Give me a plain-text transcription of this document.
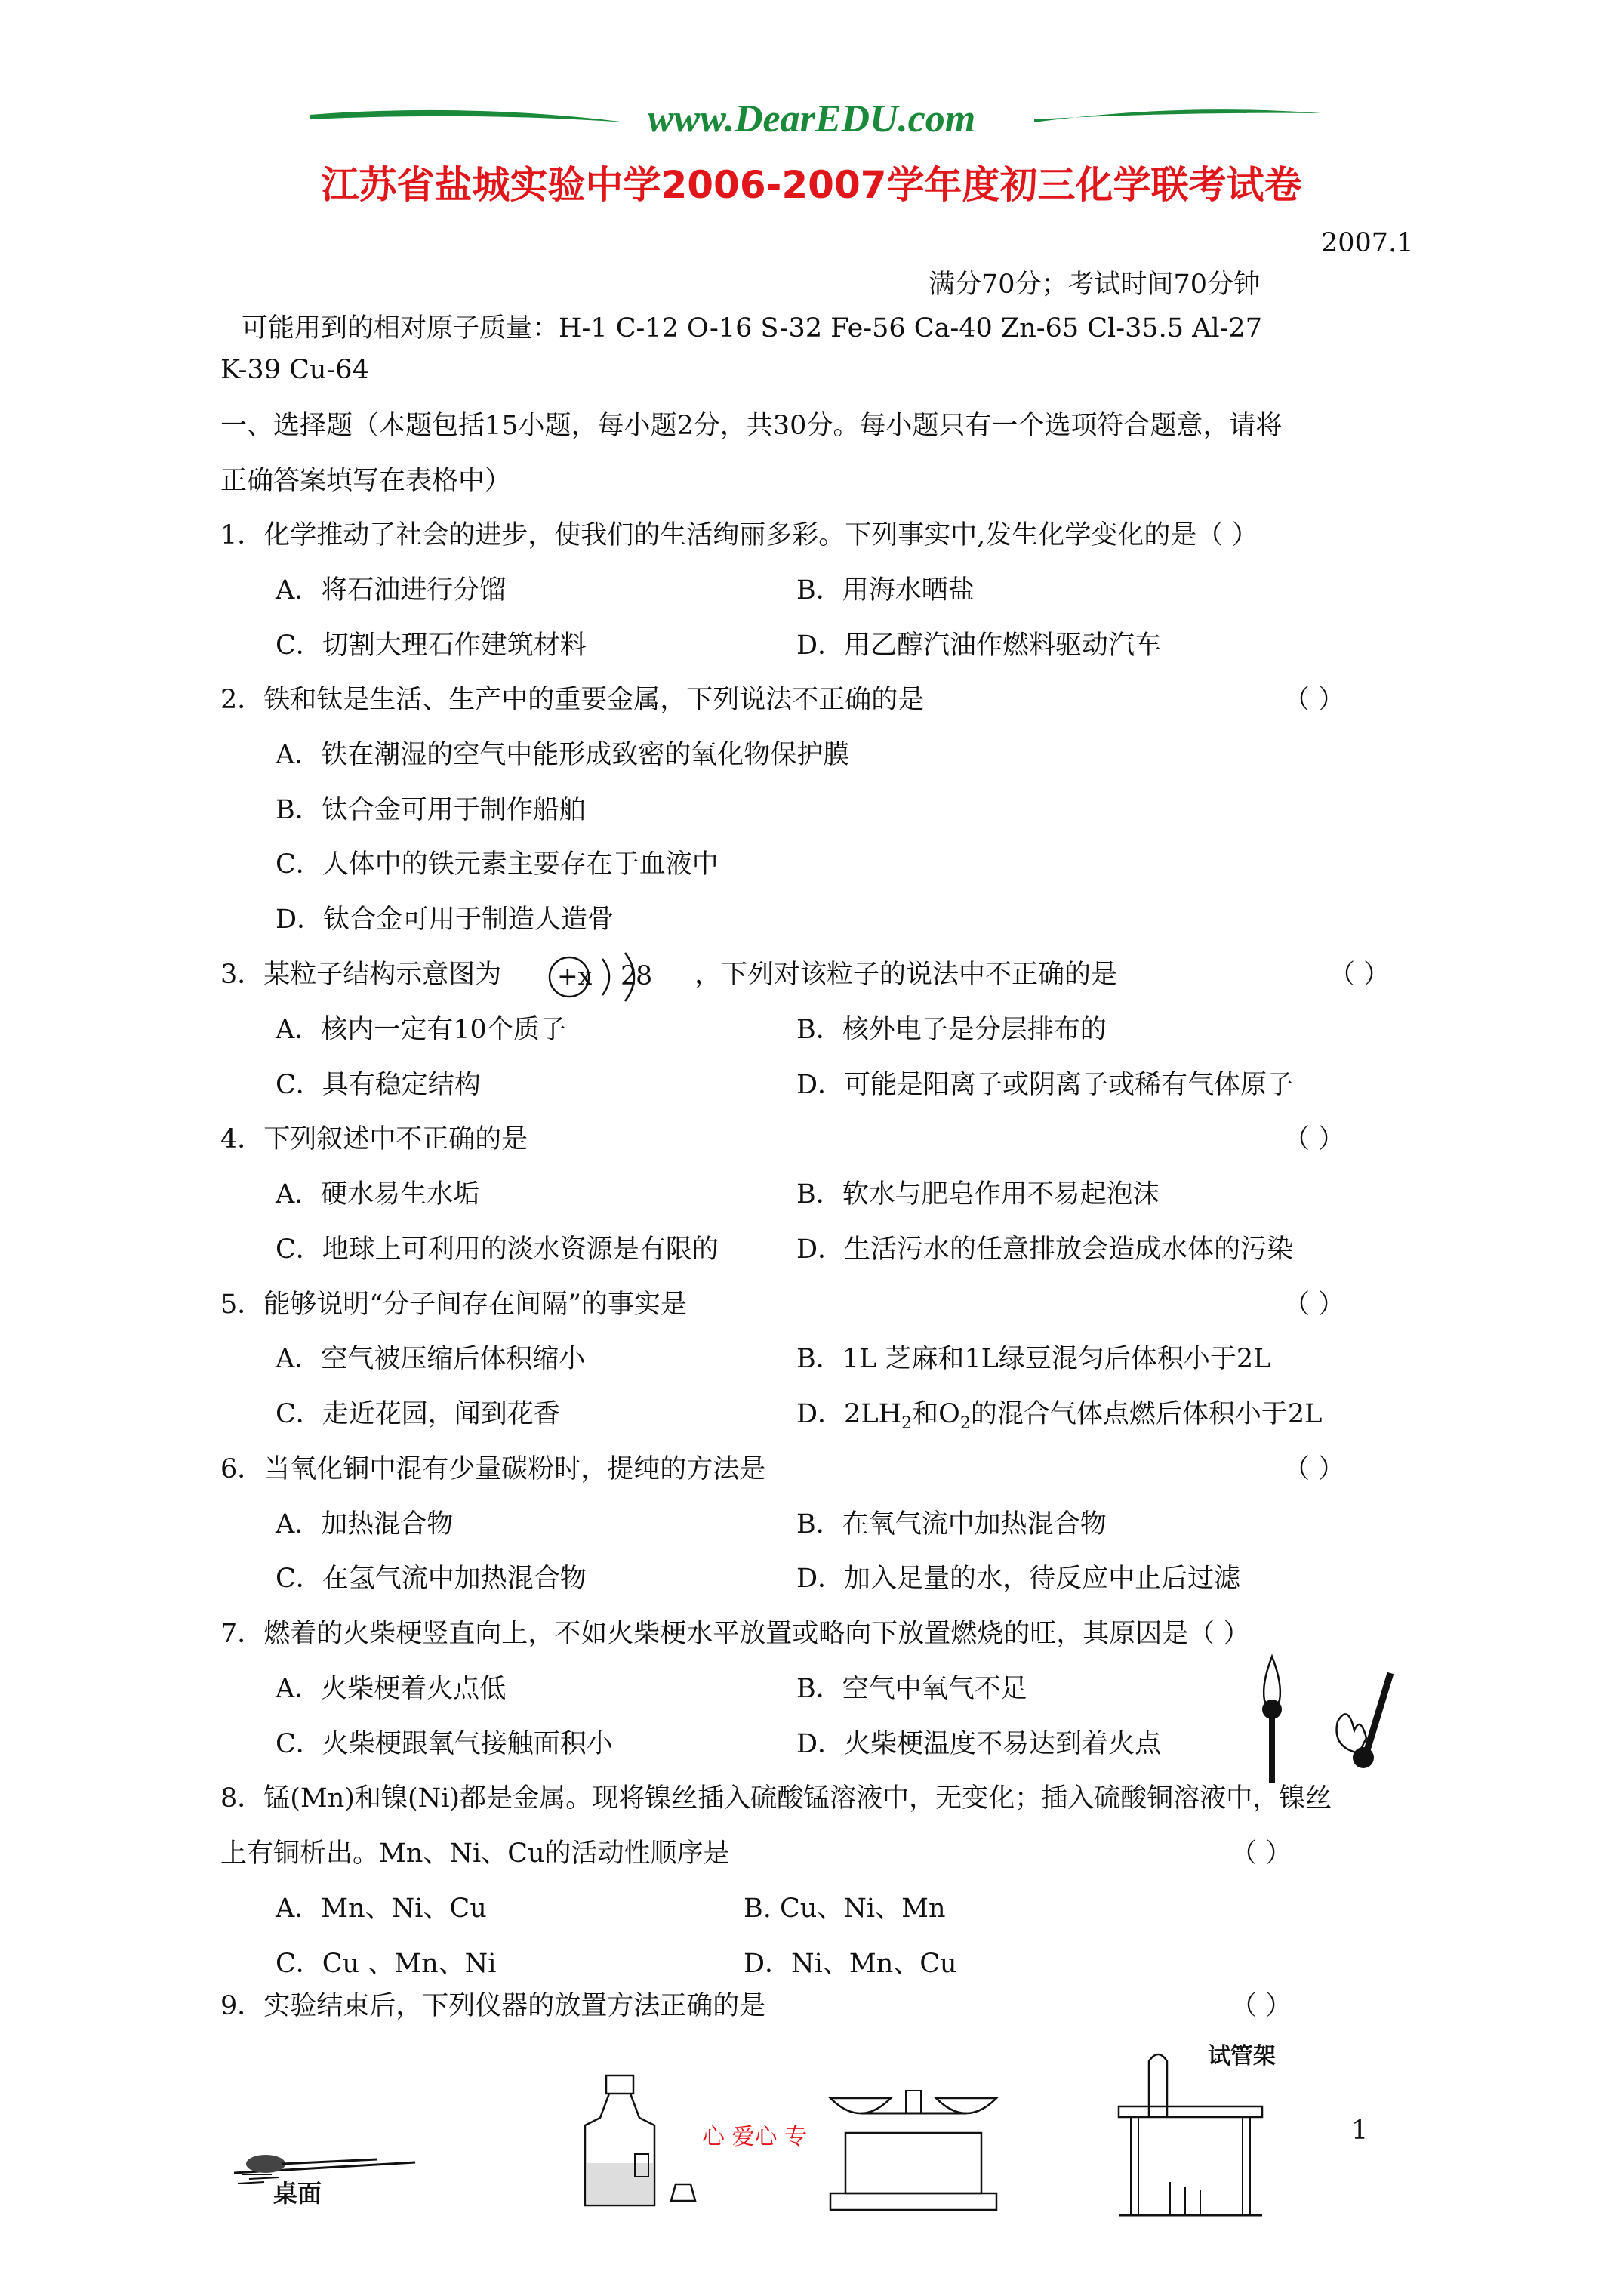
www.DearEDU.com
江苏省盐城实验中学2006-2007学年度初三化学联考试卷
2007.1
满分70分；考试时间70分钟
可能用到的相对原子质量：H-1 C-12 O-16 S-32 Fe-56 Ca-40 Zn-65 Cl-35.5 Al-27
K-39 Cu-64
一、选择题（本题包括15小题，每小题2分，共30分。每小题只有一个选项符合题意，请将
正确答案填写在表格中）
1．化学推动了社会的进步，使我们的生活绚丽多彩。下列事实中,发生化学变化的是（ ）
A．将石油进行分馏	B．用海水晒盐
C．切割大理石作建筑材料	D．用乙醇汽油作燃料驱动汽车
2．铁和钛是生活、生产中的重要金属，下列说法不正确的是	（ ）
A．铁在潮湿的空气中能形成致密的氧化物保护膜
B．钛合金可用于制作船舶
C．人体中的铁元素主要存在于血液中
D．钛合金可用于制造人造骨
3．某粒子结构示意图为 +x 2
8 ，下列对该粒子的说法中不正确的是	（ ）
A．核内一定有10个质子	B．核外电子是分层排布的
C．具有稳定结构	D．可能是阳离子或阴离子或稀有气体原子
4．下列叙述中不正确的是	（ ）
A．硬水易生水垢	B．软水与肥皂作用不易起泡沫
C．地球上可利用的淡水资源是有限的	D．生活污水的任意排放会造成水体的污染
5．能够说明“分子间存在间隔”的事实是	（ ）
A．空气被压缩后体积缩小	B．1L 芝麻和1L绿豆混匀后体积小于2L
C．走近花园，闻到花香	D．$2LH_2$和$O_2$的混合气体点燃后体积小于2L
6．当氧化铜中混有少量碳粉时，提纯的方法是	（ ）
A．加热混合物	B．在氧气流中加热混合物
C．在氢气流中加热混合物	D．加入足量的水，待反应中止后过滤
7．燃着的火柴梗竖直向上，不如火柴梗水平放置或略向下放置燃烧的旺，其原因是（ ）
A．火柴梗着火点低	B．空气中氧气不足
C．火柴梗跟氧气接触面积小	D．火柴梗温度不易达到着火点
8．锰(Mn)和镍(Ni)都是金属。现将镍丝插入硫酸锰溶液中，无变化；插入硫酸铜溶液中，镍丝
上有铜析出。Mn、Ni、Cu的活动性顺序是	（ ）
A．Mn、Ni、Cu	B. Cu、Ni、Mn
C．Cu 、Mn、Ni	D．Ni、Mn、Cu
9．实验结束后，下列仪器的放置方法正确的是	（ ）
桌面
心 爱心 专
试管架
1
